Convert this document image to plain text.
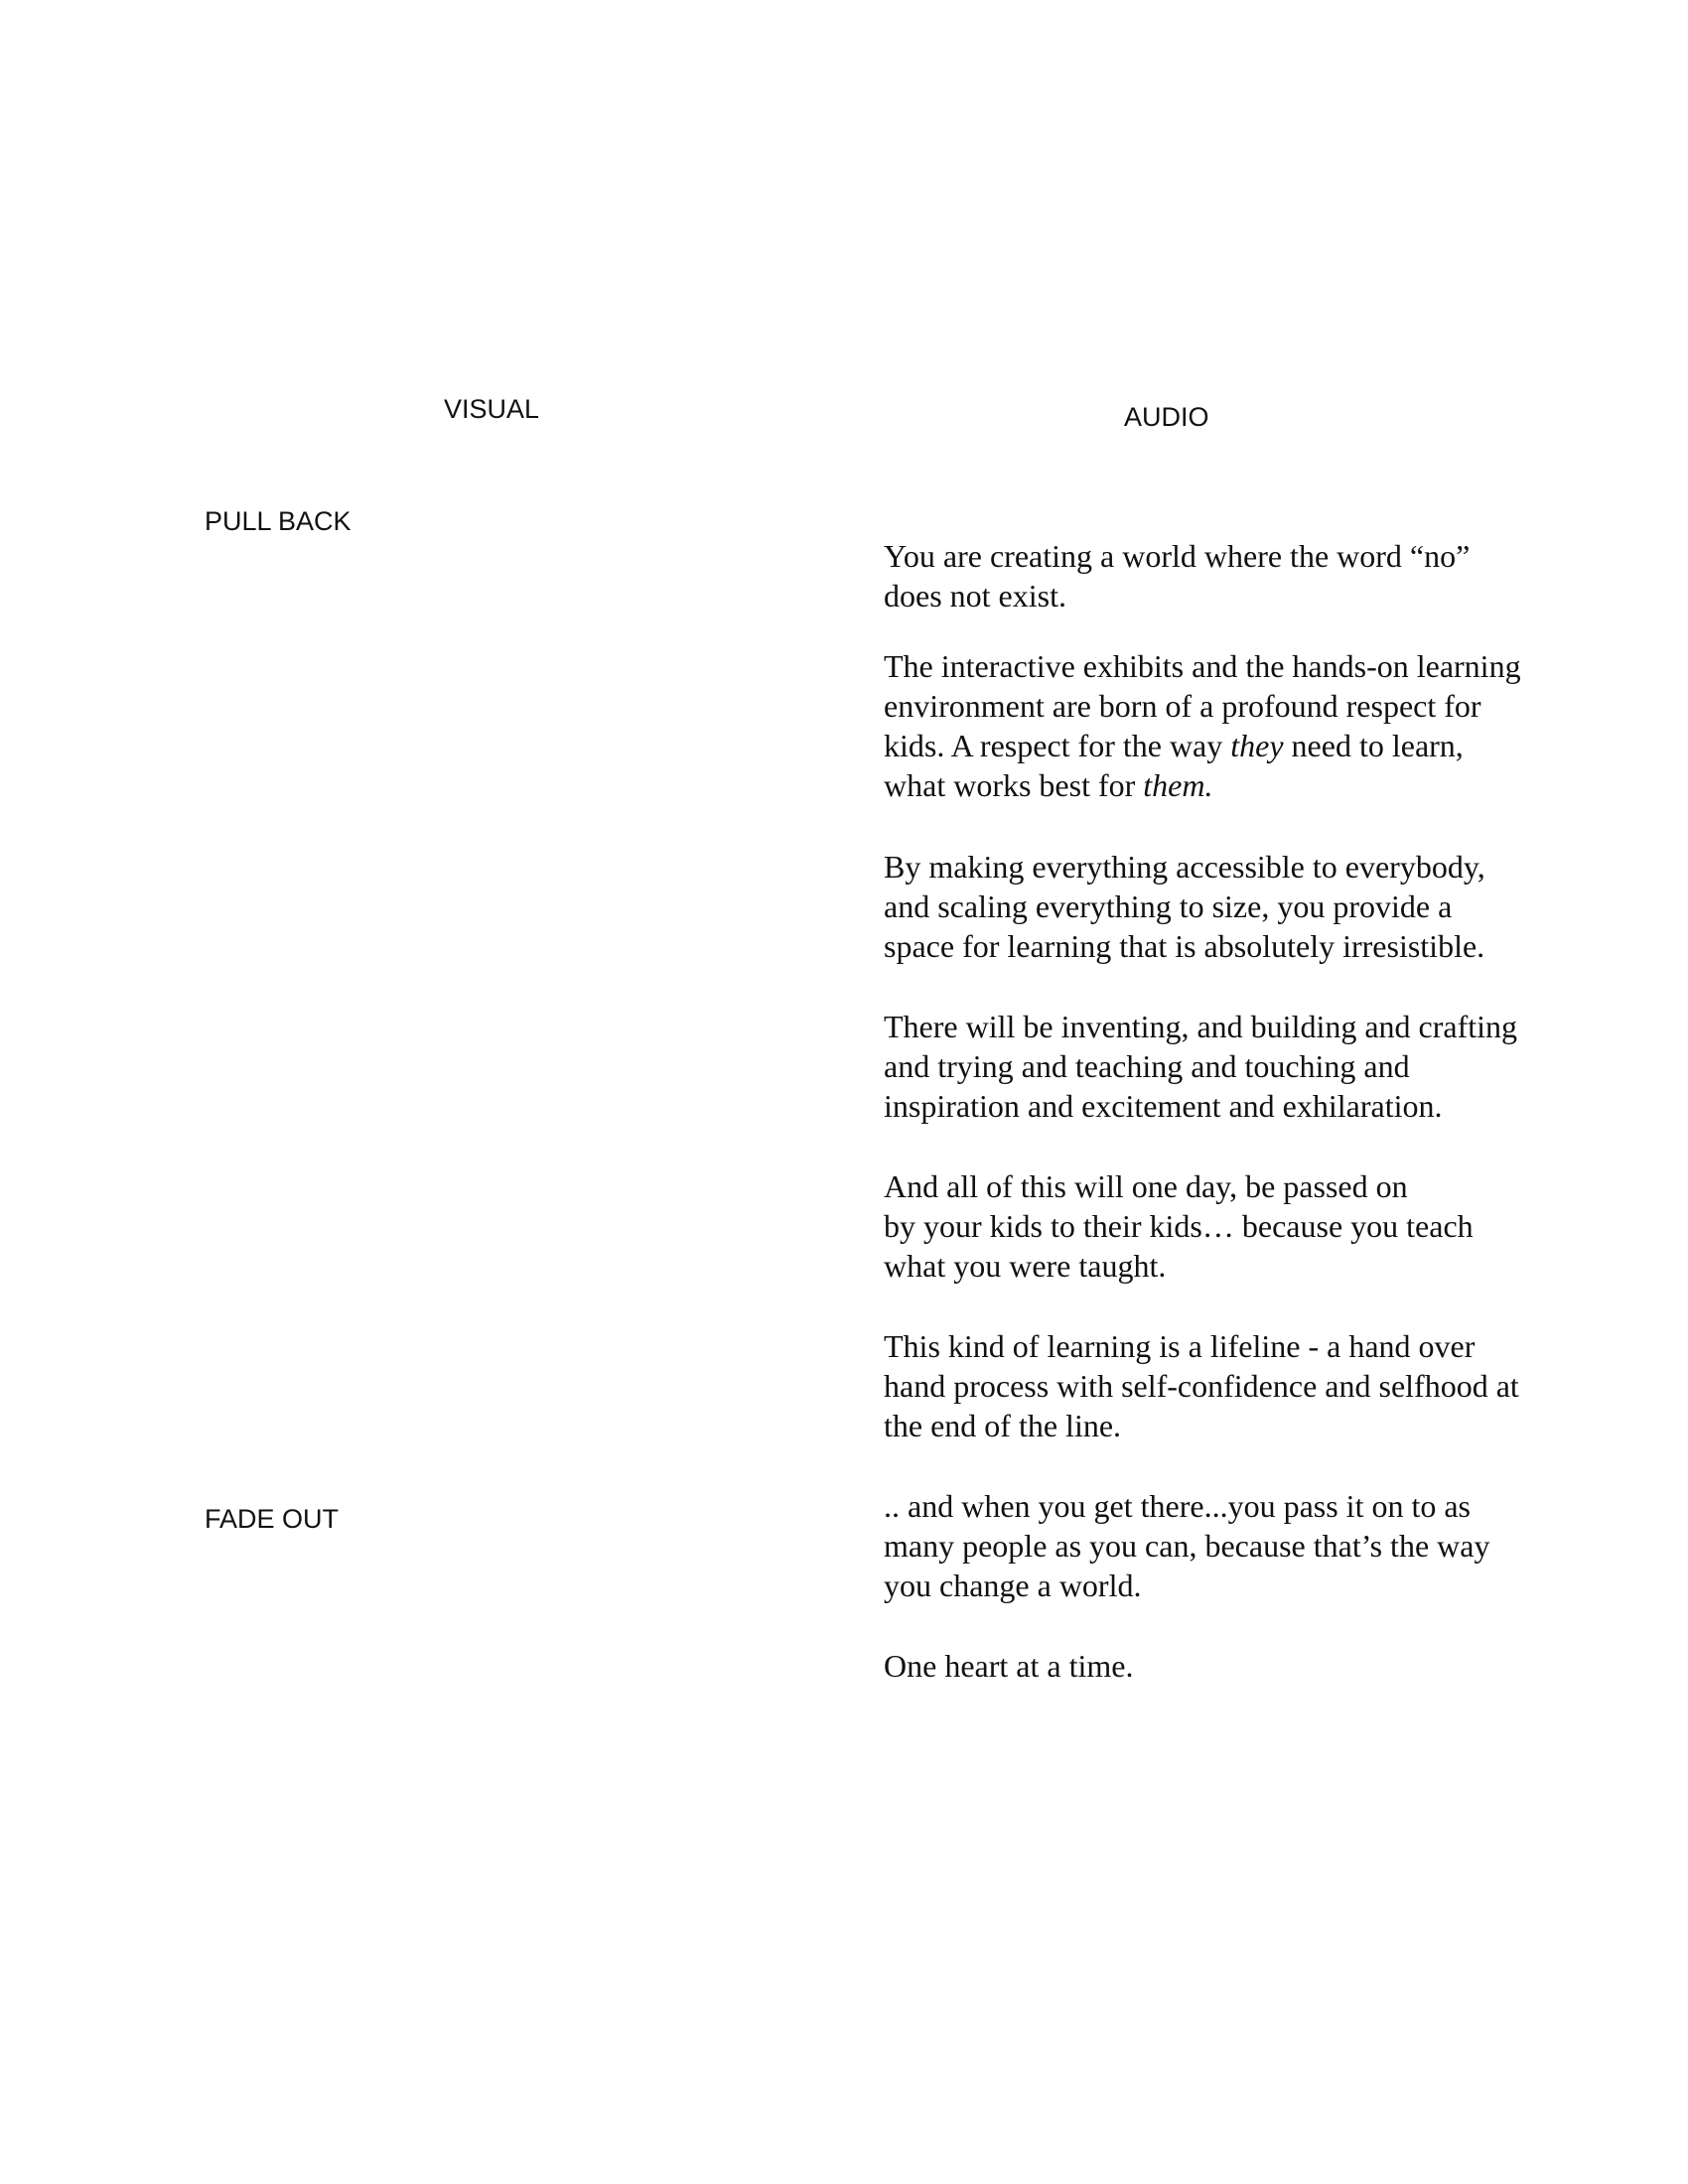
VISUAL	AUDIO
PULL BACK
FADE OUT

You are creating a world where the word “no”
does not exist.

The interactive exhibits and the hands-on learning
environment are born of a profound respect for
kids. A respect for the way they need to learn,
what works best for them.

By making everything accessible to everybody,
and scaling everything to size, you provide a
space for learning that is absolutely irresistible.

There will be inventing, and building and crafting
and trying and teaching and touching and
inspiration and excitement and exhilaration.

And all of this will one day, be passed on
by your kids to their kids… because you teach
what you were taught.

This kind of learning is a lifeline - a hand over
hand process with self-confidence and selfhood at
the end of the line.

.. and when you get there...you pass it on to as
many people as you can, because that’s the way
you change a world.

One heart at a time.
